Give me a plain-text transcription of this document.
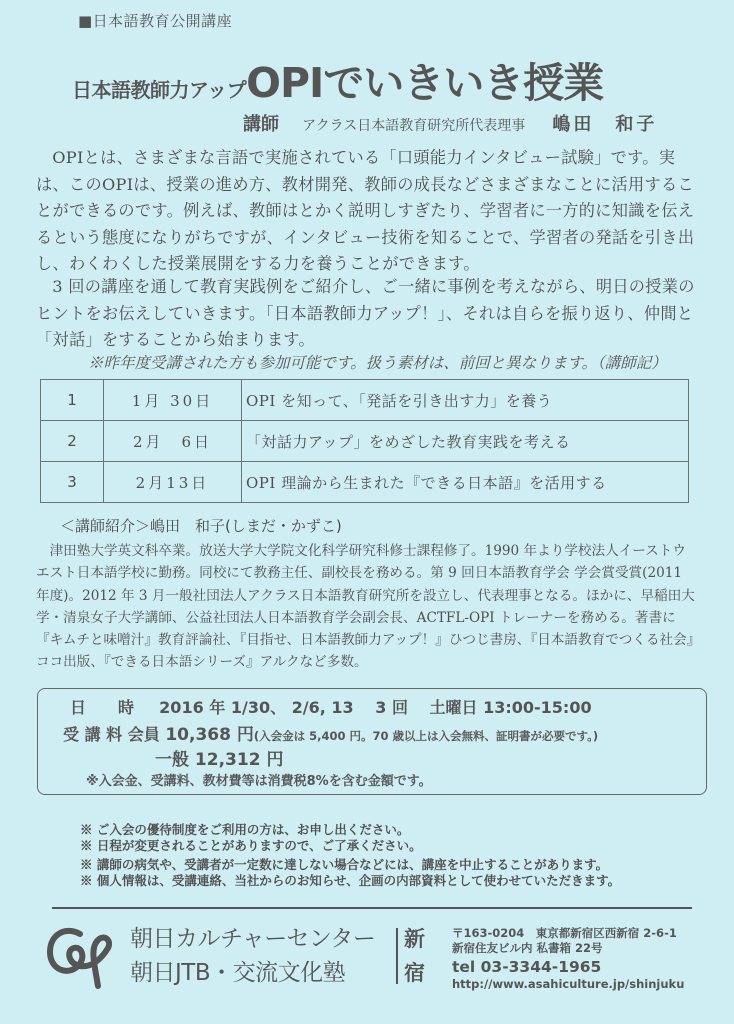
■日本語教育公開講座
日本語教師力アップOPIでいきいき授業
講師 アクラス日本語教育研究所代表理事 嶋田　和子
OPIとは、さまざまな言語で実施されている「口頭能力インタビュー試験」です。実は、このOPIは、授業の進め方、教材開発、教師の成長などさまざまなことに活用することができるのです。例えば、教師はとかく説明しすぎたり、学習者に一方的に知識を伝えるという態度になりがちですが、インタビュー技術を知ることで、学習者の発話を引き出し、わくわくした授業展開をする力を養うことができます。
3 回の講座を通して教育実践例をご紹介し、ご一緒に事例を考えながら、明日の授業のヒントをお伝えしていきます。「日本語教師力アップ！」、それは自らを振り返り、仲間と「対話」をすることから始まります。
※昨年度受講された方も参加可能です。扱う素材は、前回と異なります。（講師記）
1	1月 30日	OPI を知って、「発話を引き出す力」を養う
2	2月　6日	「対話力アップ」をめざした教育実践を考える
3	2月13日	OPI 理論から生まれた『できる日本語』を活用する
＜講師紹介＞嶋田　和子(しまだ・かずこ)
津田塾大学英文科卒業。放送大学大学院文化科学研究科修士課程修了。1990 年より学校法人イーストウエスト日本語学校に勤務。同校にて教務主任、副校長を務める。第 9 回日本語教育学会 学会賞受賞(2011 年度)。2012 年 3 月一般社団法人アクラス日本語教育研究所を設立し、代表理事となる。ほかに、早稲田大学・清泉女子大学講師、公益社団法人日本語教育学会副会長、ACTFL-OPI トレーナーを務める。著書に『キムチと味噌汁』教育評論社、『目指せ、日本語教師力アップ！』ひつじ書房、『日本語教育でつくる社会』ココ出版、『できる日本語シリーズ』アルクなど多数。
日　　時 2016 年 1/30、 2/6, 13　 3 回　 土曜日 13:00-15:00
受 講 料 会員 10,368 円(入会金は 5,400 円。70 歳以上は入会無料、証明書が必要です。)
一般 12,312 円
※入会金、受講料、教材費等は消費税8%を含む金額です。
※ ご入会の優待制度をご利用の方は、お申し出ください。
※ 日程が変更されることがありますので、ご了承ください。
※ 講師の病気や、受講者が一定数に達しない場合などには、講座を中止することがあります。
※ 個人情報は、受講連絡、当社からのお知らせ、企画の内部資料として使わせていただきます。
朝日カルチャーセンター
朝日JTB・交流文化塾
新
宿
〒163-0204　東京都新宿区西新宿 2-6-1
新宿住友ビル内 私書箱 22号
tel 03-3344-1965
http://www.asahiculture.jp/shinjuku
